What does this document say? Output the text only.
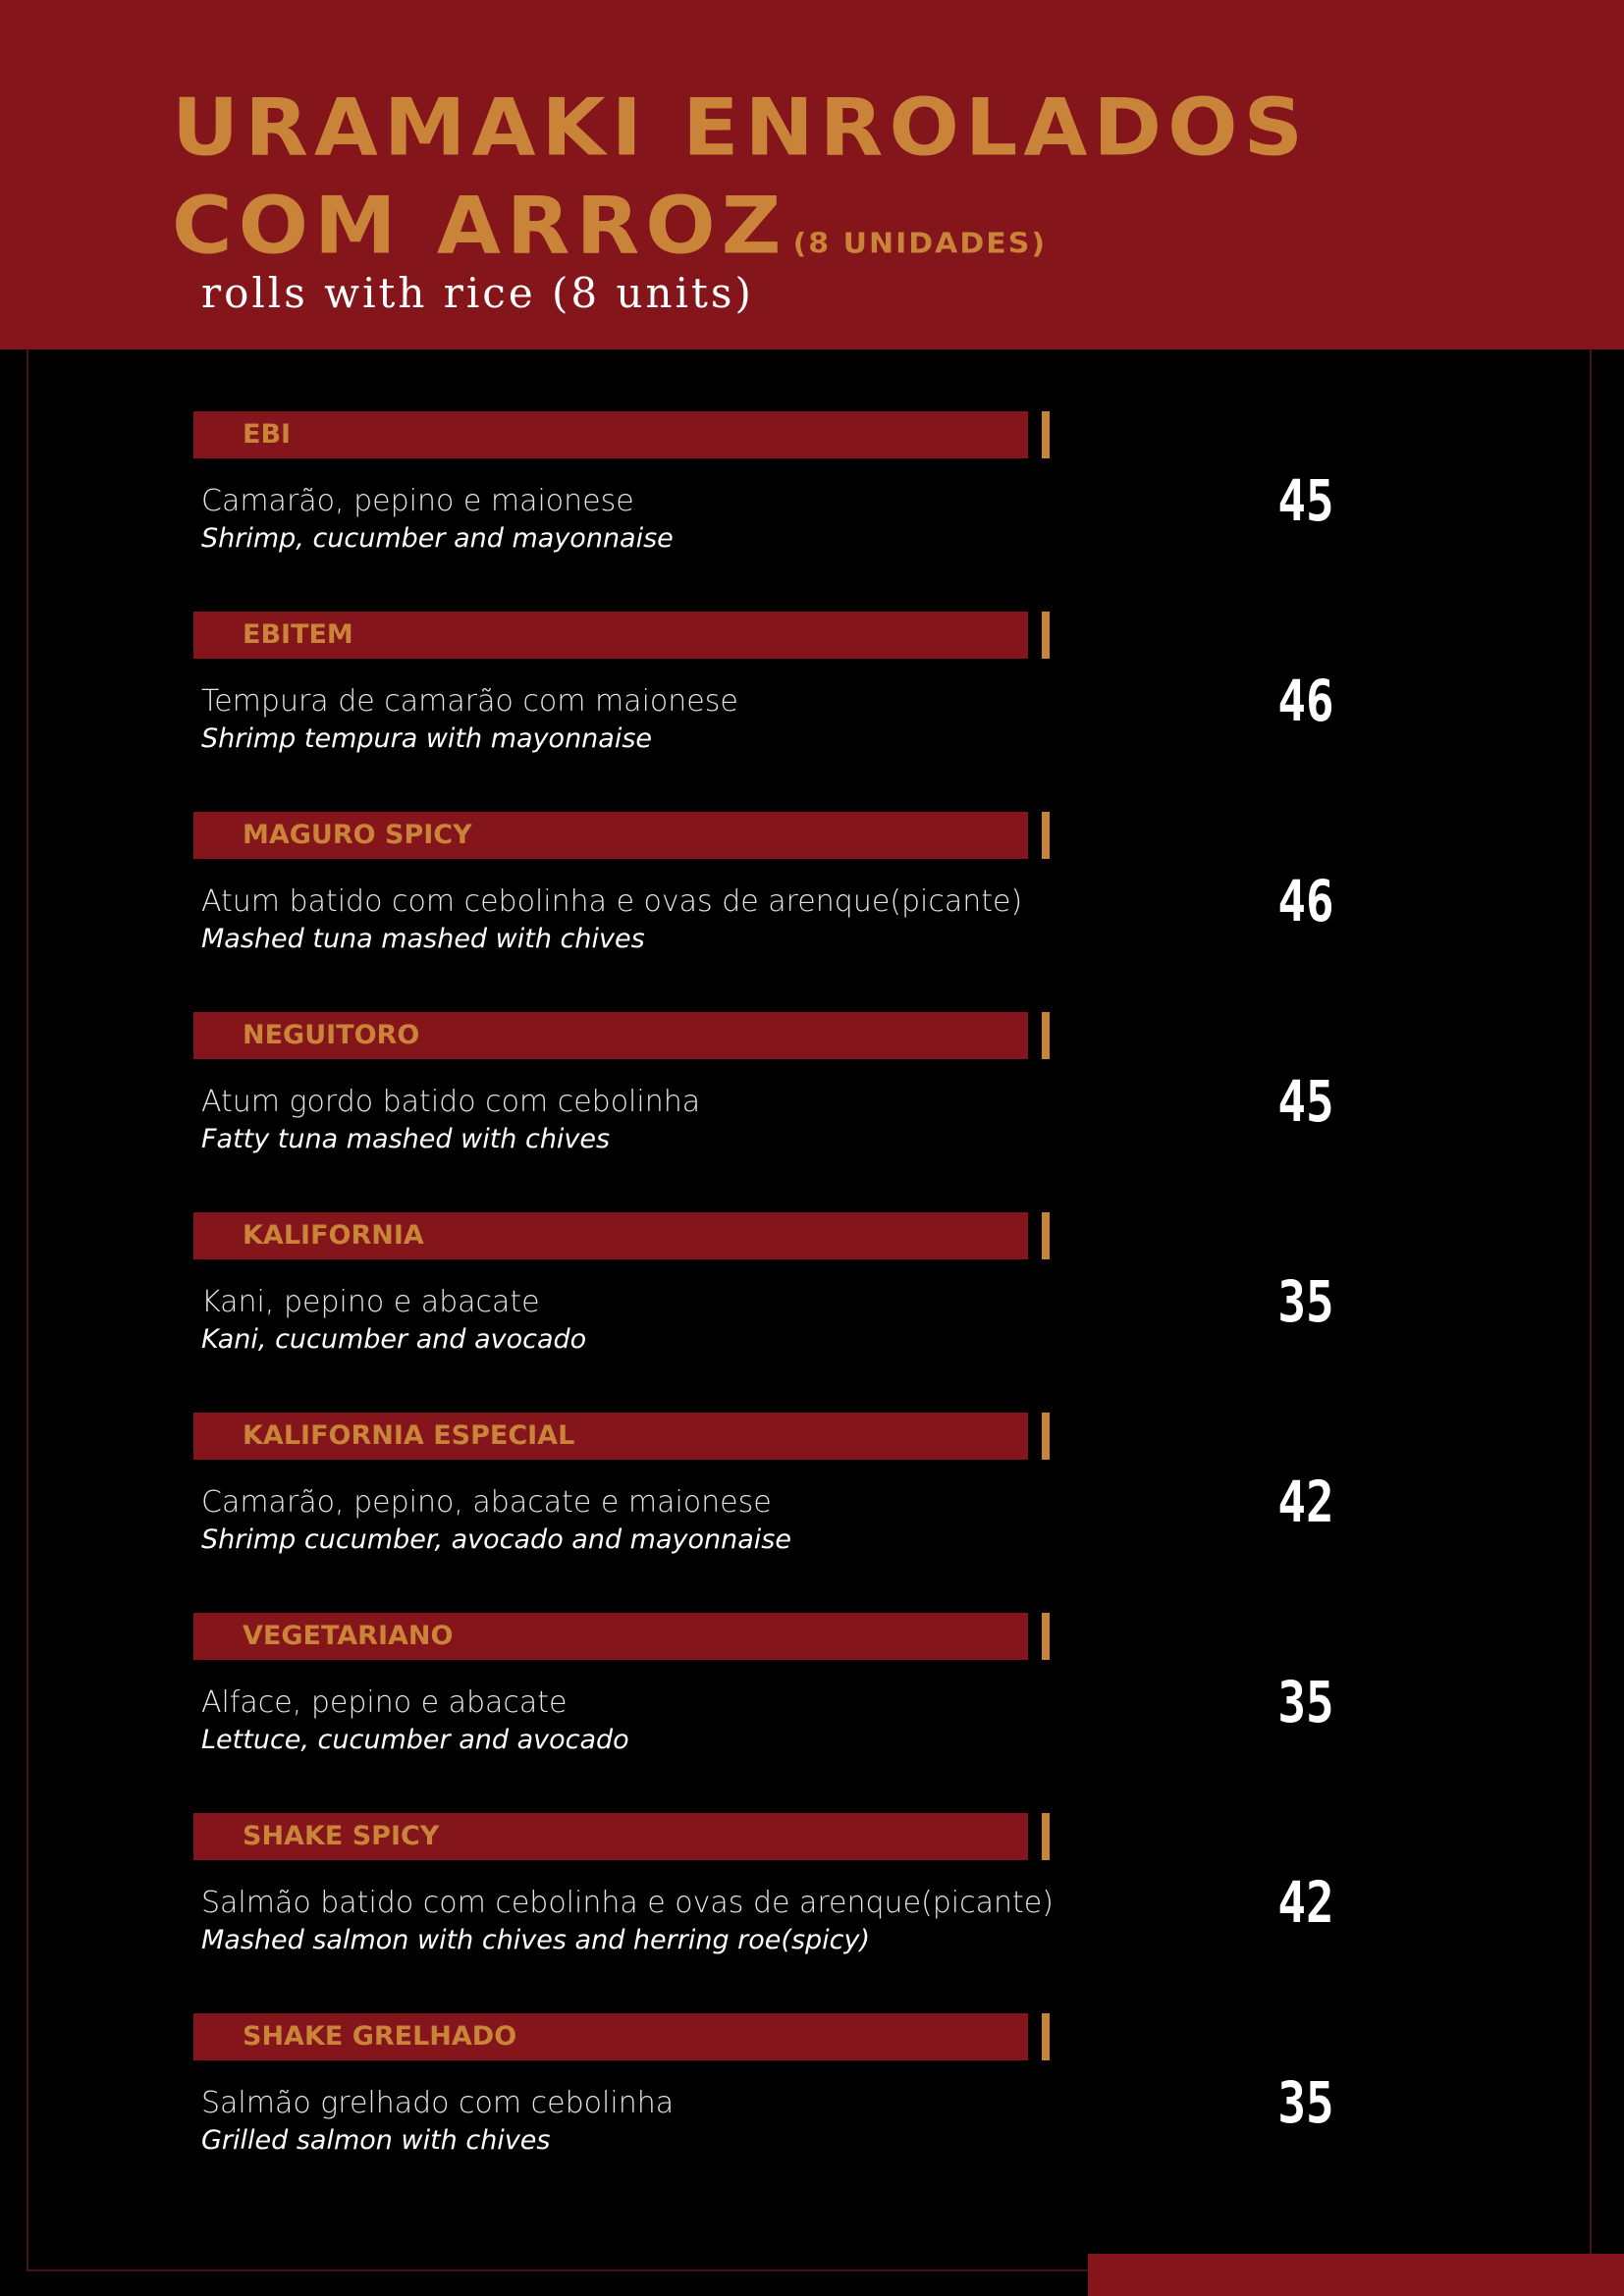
URAMAKI ENROLADOS
COM ARROZ (8 UNIDADES)

rolls with rice (8 units)

EBI

Camarão, pepino e maionese

Shrimp, cucumber and mayonnaise

45

EBITEM

Tempura de camarão com maionese

Shrimp tempura with mayonnaise

46

MAGURO SPICY

Atum batido com cebolinha e ovas de arenque(picante)

Mashed tuna mashed with chives

46

NEGUITORO

Atum gordo batido com cebolinha

Fatty tuna mashed with chives

45

KALIFORNIA

Kani, pepino e abacate

Kani, cucumber and avocado

35

KALIFORNIA ESPECIAL

Camarão, pepino, abacate e maionese

Shrimp cucumber, avocado and mayonnaise

42

VEGETARIANO

Alface, pepino e abacate

Lettuce, cucumber and avocado

35

SHAKE SPICY

Salmão batido com cebolinha e ovas de arenque(picante)

Mashed salmon with chives and herring roe(spicy)

42

SHAKE GRELHADO

Salmão grelhado com cebolinha

Grilled salmon with chives

35
